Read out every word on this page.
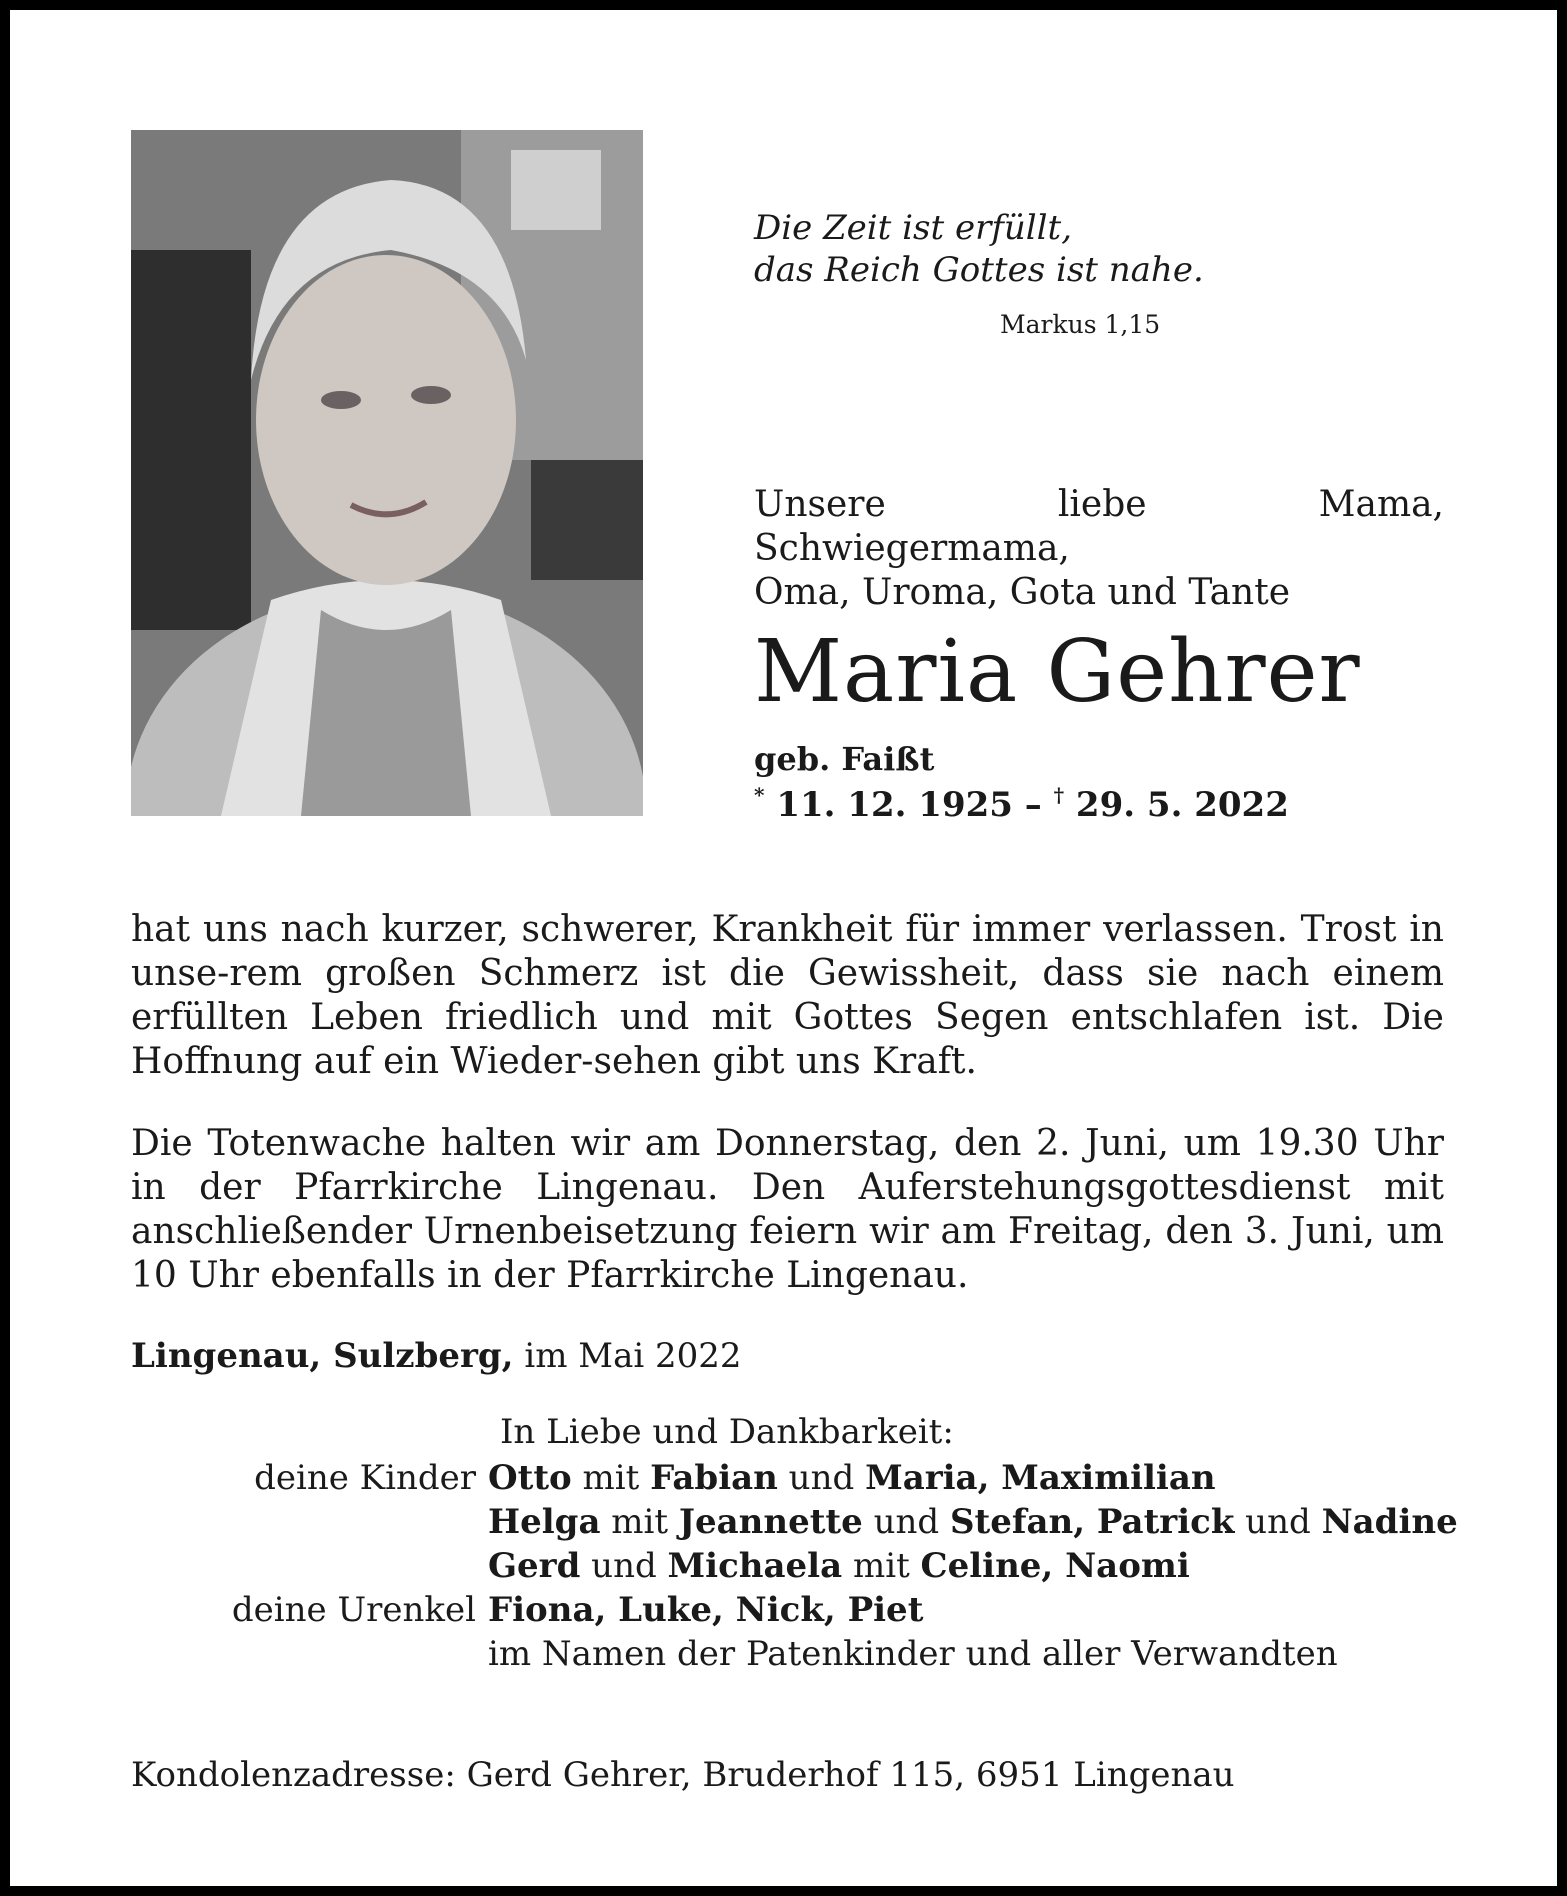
Die Zeit ist erfüllt,
das Reich Gottes ist nahe.
Markus 1,15
Unsere liebe Mama, Schwiegermama,
Oma, Uroma, Gota und Tante
Maria Gehrer
geb. Faißt
* 11. 12. 1925 – † 29. 5. 2022
hat uns nach kurzer, schwerer, Krankheit für immer verlassen. Trost in unse-rem großen Schmerz ist die Gewissheit, dass sie nach einem erfüllten Leben friedlich und mit Gottes Segen entschlafen ist. Die Hoffnung auf ein Wieder-sehen gibt uns Kraft.
Die Totenwache halten wir am Donnerstag, den 2. Juni, um 19.30 Uhr in der Pfarrkirche Lingenau. Den Auferstehungsgottesdienst mit anschließender Urnenbeisetzung feiern wir am Freitag, den 3. Juni, um 10 Uhr ebenfalls in der Pfarrkirche Lingenau.
Lingenau, Sulzberg, im Mai 2022
In Liebe und Dankbarkeit:
deine Kinder Otto mit Fabian und Maria, Maximilian
Helga mit Jeannette und Stefan, Patrick und Nadine
Gerd und Michaela mit Celine, Naomi
deine Urenkel Fiona, Luke, Nick, Piet
im Namen der Patenkinder und aller Verwandten
Kondolenzadresse: Gerd Gehrer, Bruderhof 115, 6951 Lingenau
